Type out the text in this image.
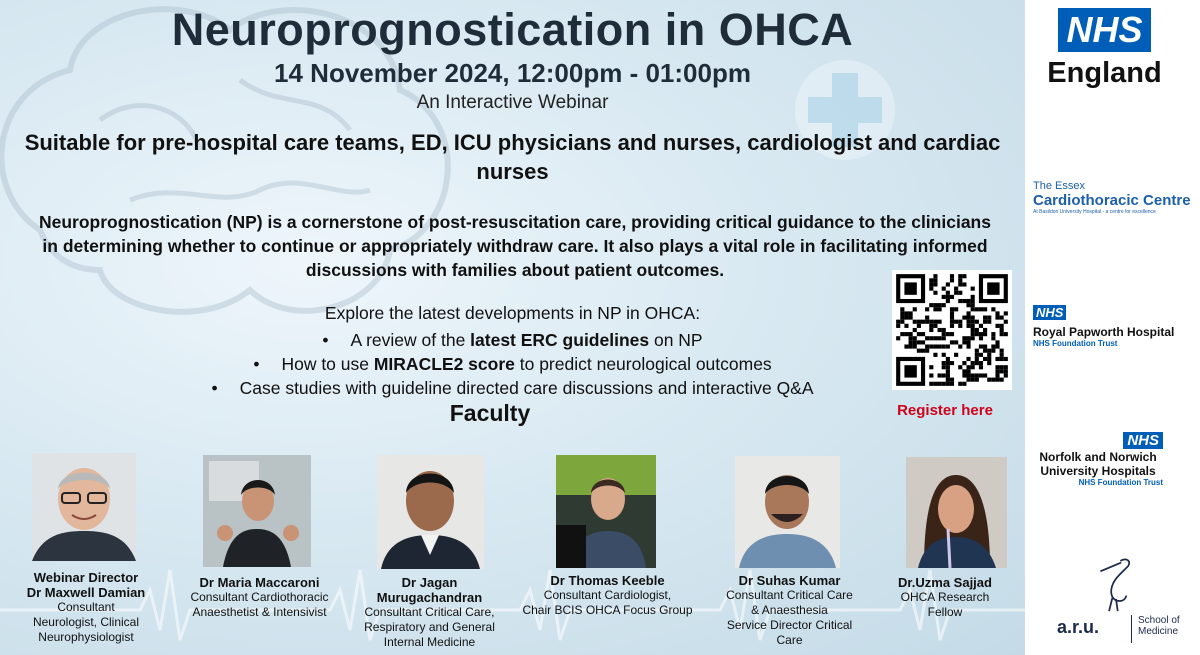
Neuroprognostication in OHCA
14 November 2024, 12:00pm - 01:00pm
An Interactive Webinar
Suitable for pre-hospital care teams, ED, ICU physicians and nurses, cardiologist and cardiac nurses
Neuroprognostication (NP) is a cornerstone of post-resuscitation care, providing critical guidance to the clinicians
in determining whether to continue or appropriately withdraw care. It also plays a vital role in facilitating informed
discussions with families about patient outcomes.
Explore the latest developments in NP in OHCA:
• A review of the latest ERC guidelines on NP
• How to use MIRACLE2 score to predict neurological outcomes
• Case studies with guideline directed care discussions and interactive Q&A
Faculty	Register here
Webinar Director
Dr Maxwell Damian
Consultant
Neurologist, Clinical
Neurophysiologist
Dr Maria Maccaroni
Consultant Cardiothoracic
Anaesthetist & Intensivist
Dr Jagan
Murugachandran
Consultant Critical Care,
Respiratory and General
Internal Medicine
Dr Thomas Keeble
Consultant Cardiologist,
Chair BCIS OHCA Focus Group
Dr Suhas Kumar
Consultant Critical Care
& Anaesthesia
Service Director Critical
Care
Dr.Uzma Sajjad
OHCA Research
Fellow
NHS
England
The Essex
Cardiothoracic Centre
At Basildon University Hospital - a centre for excellence
NHS
Royal Papworth Hospital
NHS Foundation Trust
NHS
Norfolk and Norwich
University Hospitals
NHS Foundation Trust
a.r.u.	School of
Medicine
